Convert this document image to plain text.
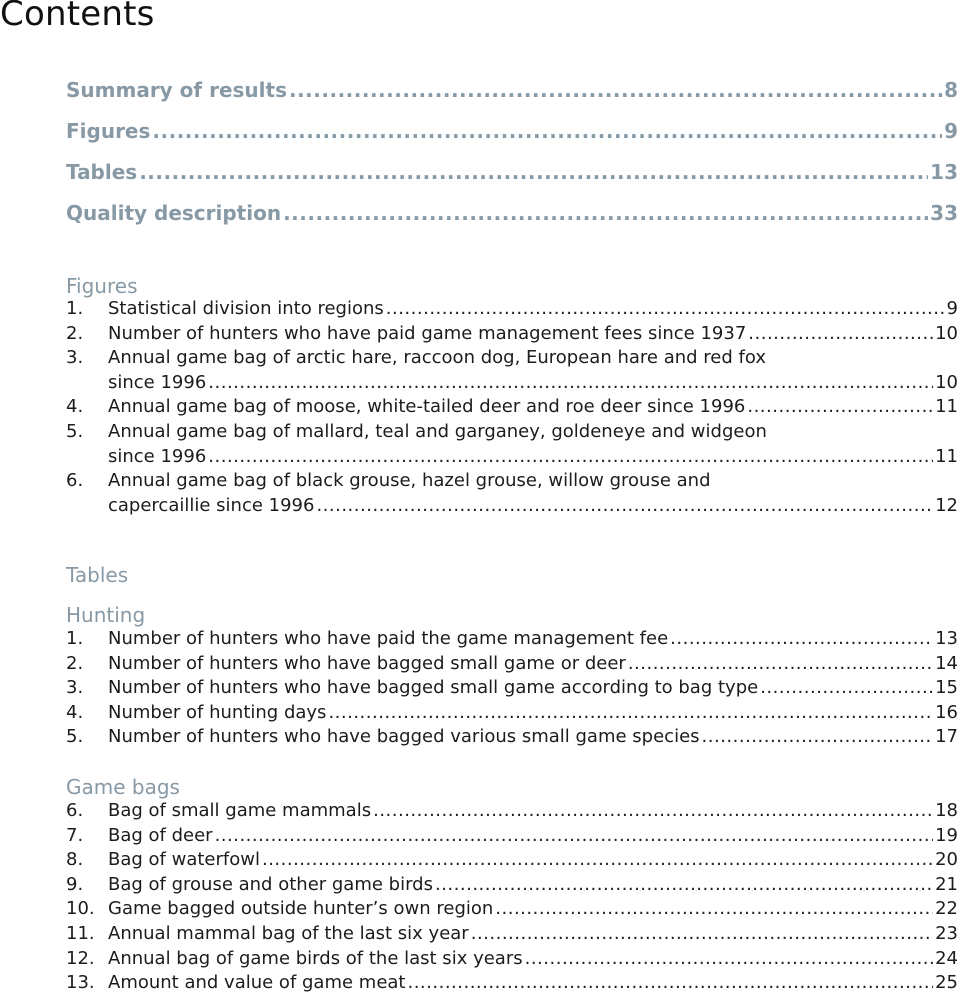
Contents
Summary of results .....	8
Figures .....	9
Tables .....	13
Quality description .....	33
Figures
1.	Statistical division into regions .....	9
2.	Number of hunters who have paid game management fees since 1937 .....	10
3.	Annual game bag of arctic hare, raccoon dog, European hare and red fox
since 1996 .....	10
4.	Annual game bag of moose, white-tailed deer and roe deer since 1996 .....	11
5.	Annual game bag of mallard, teal and garganey, goldeneye and widgeon
since 1996 .....	11
6.	Annual game bag of black grouse, hazel grouse, willow grouse and
capercaillie since 1996 .....	12
Tables
Hunting
1.	Number of hunters who have paid the game management fee .....	13
2.	Number of hunters who have bagged small game or deer .....	14
3.	Number of hunters who have bagged small game according to bag type .....	15
4.	Number of hunting days .....	16
5.	Number of hunters who have bagged various small game species .....	17
Game bags
6.	Bag of small game mammals .....	18
7.	Bag of deer .....	19
8.	Bag of waterfowl .....	20
9.	Bag of grouse and other game birds .....	21
10. Game bagged outside hunter’s own region .....	22
11. Annual mammal bag of the last six year .....	23
12. Annual bag of game birds of the last six years .....	24
13. Amount and value of game meat .....	25
